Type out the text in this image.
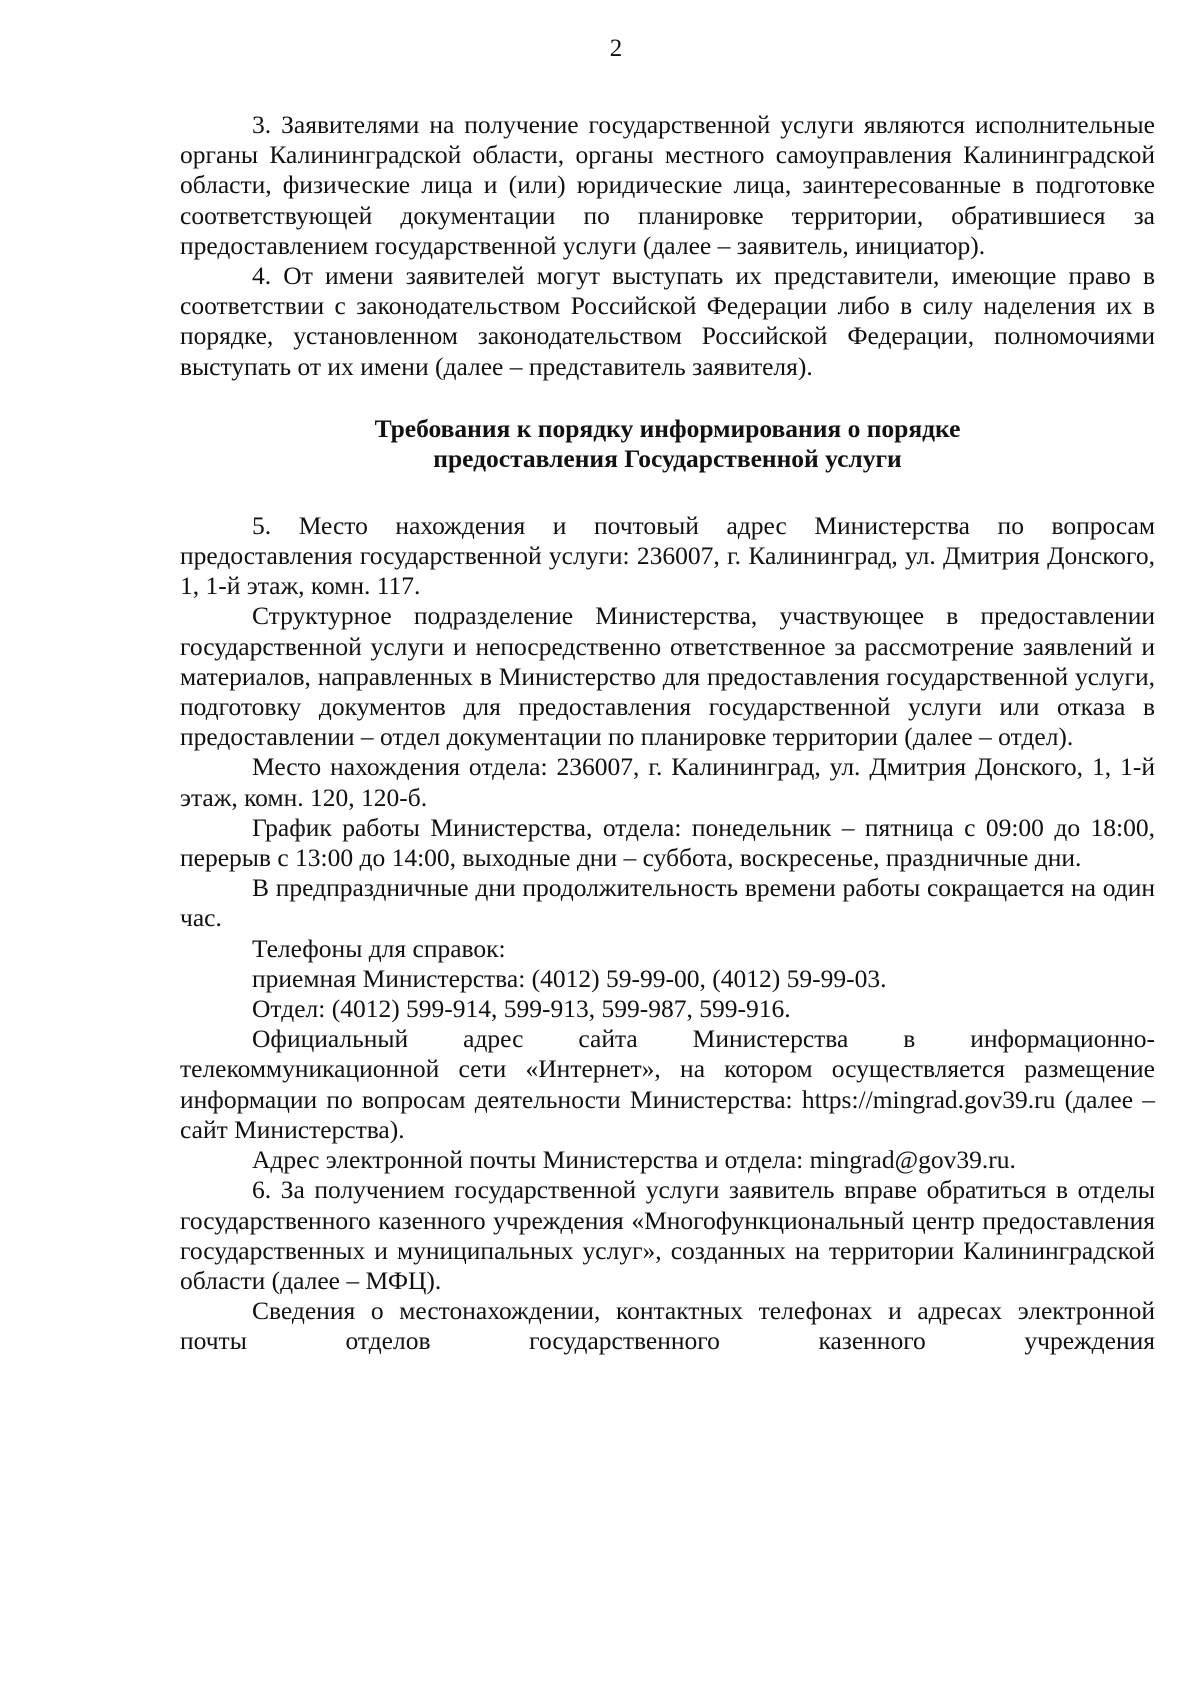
2

3. Заявителями на получение государственной услуги являются исполнительные органы Калининградской области, органы местного самоуправления Калининградской области, физические лица и (или) юридические лица, заинтересованные в подготовке соответствующей документации по планировке территории, обратившиеся за предоставлением государственной услуги (далее – заявитель, инициатор).

4. От имени заявителей могут выступать их представители, имеющие право в соответствии с законодательством Российской Федерации либо в силу наделения их в порядке, установленном законодательством Российской Федерации, полномочиями выступать от их имени (далее – представитель заявителя).

Требования к порядку информирования о порядке
предоставления Государственной услуги

5. Место нахождения и почтовый адрес Министерства по вопросам предоставления государственной услуги: 236007, г. Калининград, ул. Дмитрия Донского, 1, 1-й этаж, комн. 117.

Структурное подразделение Министерства, участвующее в предоставлении государственной услуги и непосредственно ответственное за рассмотрение заявлений и материалов, направленных в Министерство для предоставления государственной услуги, подготовку документов для предоставления государственной услуги или отказа в предоставлении – отдел документации по планировке территории (далее – отдел).

Место нахождения отдела: 236007, г. Калининград, ул. Дмитрия Донского, 1, 1-й этаж, комн. 120, 120-б.

График работы Министерства, отдела: понедельник – пятница с 09:00 до 18:00, перерыв с 13:00 до 14:00, выходные дни – суббота, воскресенье, праздничные дни.

В предпраздничные дни продолжительность времени работы сокращается на один час.

Телефоны для справок:

приемная Министерства: (4012) 59-99-00, (4012) 59-99-03.

Отдел: (4012) 599-914, 599-913, 599-987, 599-916.

Официальный адрес сайта Министерства в информационно-телекоммуникационной сети «Интернет», на котором осуществляется размещение информации по вопросам деятельности Министерства: https://mingrad.gov39.ru (далее – сайт Министерства).

Адрес электронной почты Министерства и отдела: mingrad@gov39.ru.

6. За получением государственной услуги заявитель вправе обратиться в отделы государственного казенного учреждения «Многофункциональный центр предоставления государственных и муниципальных услуг», созданных на территории Калининградской области (далее – МФЦ).

Сведения о местонахождении, контактных телефонах и адресах электронной почты отделов государственного казенного учреждения
